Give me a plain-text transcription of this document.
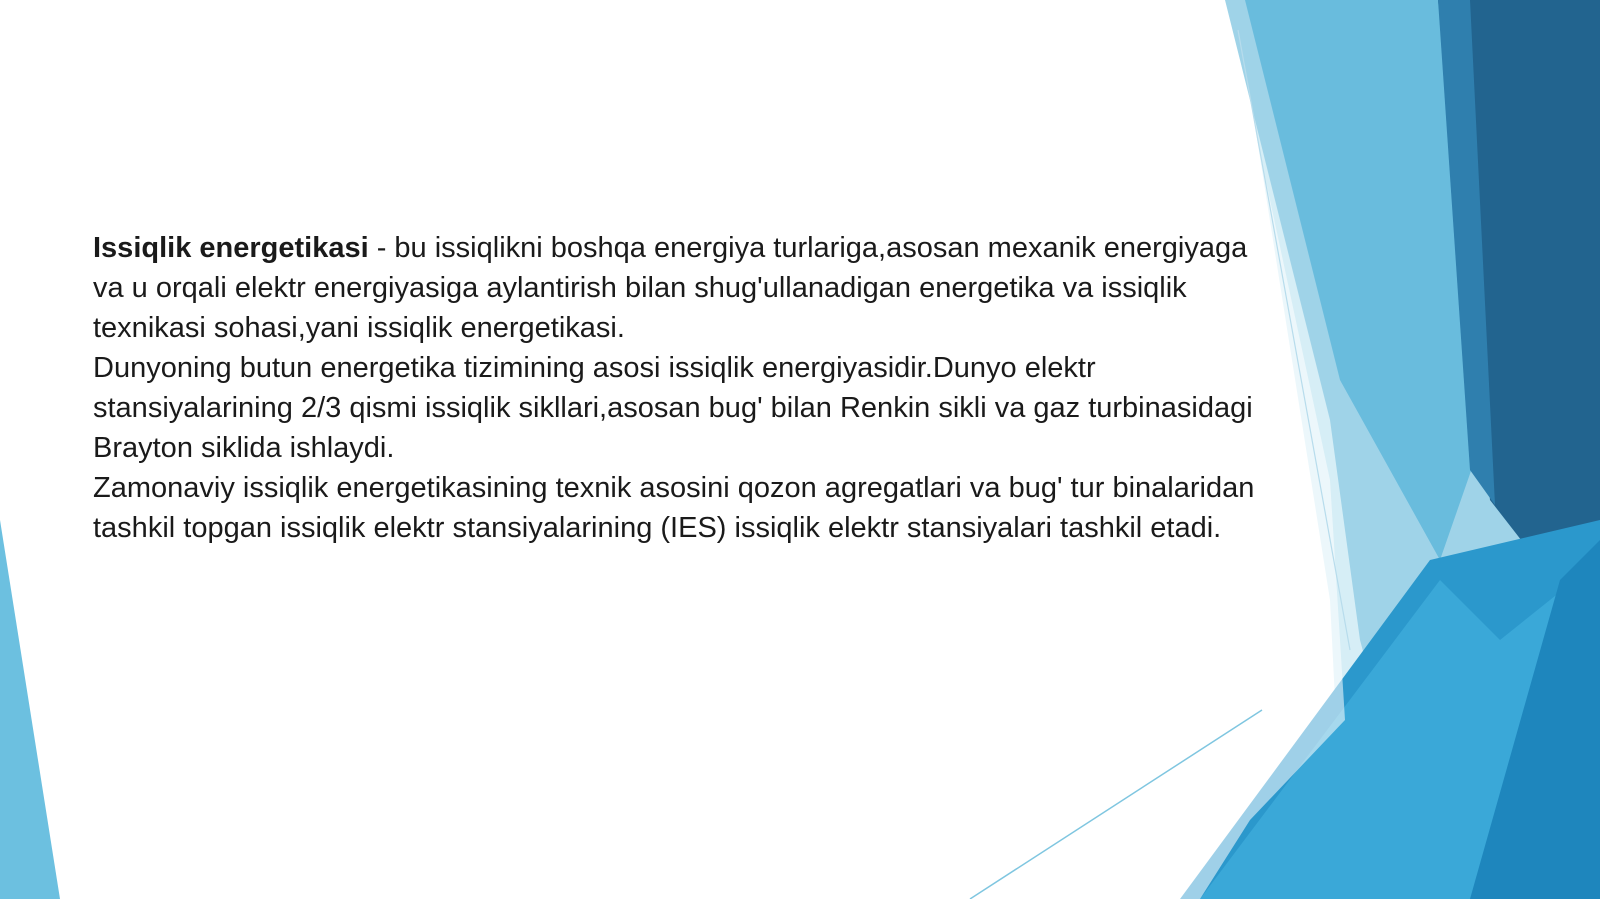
Issiqlik energetikasi - bu issiqlikni boshqa energiya turlariga,asosan mexanik energiyaga va u orqali elektr energiyasiga aylantirish bilan shug'ullanadigan energetika va issiqlik texnikasi sohasi,yani issiqlik energetikasi.

Dunyoning butun energetika tizimining asosi issiqlik energiyasidir.Dunyo elektr stansiyalarining 2/3 qismi issiqlik sikllari,asosan bug' bilan Renkin sikli va gaz turbinasidagi Brayton siklida ishlaydi.

Zamonaviy issiqlik energetikasining texnik asosini qozon agregatlari va bug' tur binalaridan tashkil topgan issiqlik elektr stansiyalarining (IES) issiqlik elektr stansiyalari tashkil etadi.
